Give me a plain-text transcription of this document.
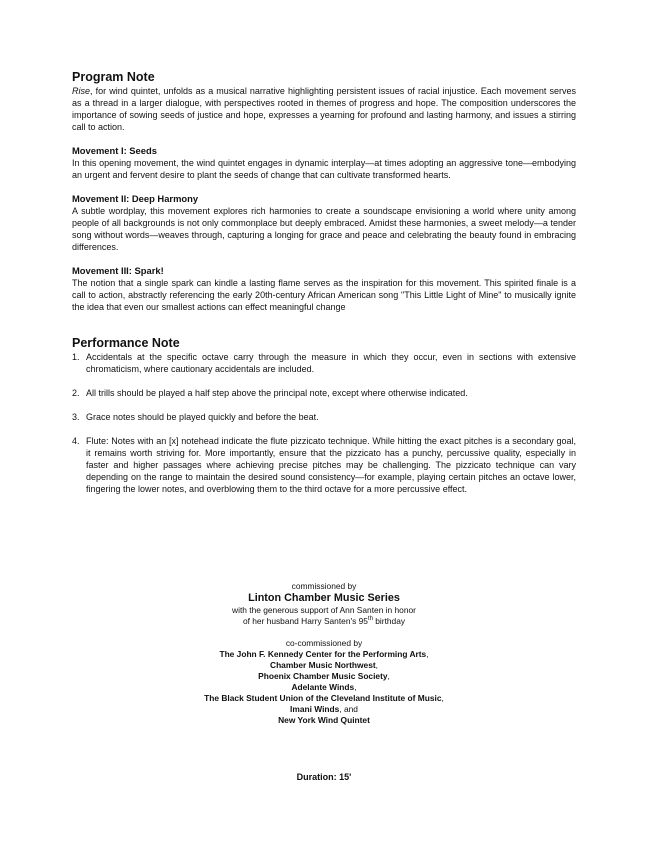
Program Note

Rise, for wind quintet, unfolds as a musical narrative highlighting persistent issues of racial injustice. Each movement serves as a thread in a larger dialogue, with perspectives rooted in themes of progress and hope. The composition underscores the importance of sowing seeds of justice and hope, expresses a yearning for profound and lasting harmony, and issues a stirring call to action.

Movement I: Seeds

In this opening movement, the wind quintet engages in dynamic interplay—at times adopting an aggressive tone—embodying an urgent and fervent desire to plant the seeds of change that can cultivate transformed hearts.

Movement II: Deep Harmony

A subtle wordplay, this movement explores rich harmonies to create a soundscape envisioning a world where unity among people of all backgrounds is not only commonplace but deeply embraced. Amidst these harmonies, a sweet melody—a tender song without words—weaves through, capturing a longing for grace and peace and celebrating the beauty found in embracing differences.

Movement III: Spark!

The notion that a single spark can kindle a lasting flame serves as the inspiration for this movement. This spirited finale is a call to action, abstractly referencing the early 20th-century African American song "This Little Light of Mine" to musically ignite the idea that even our smallest actions can effect meaningful change

Performance Note
1. Accidentals at the specific octave carry through the measure in which they occur, even in sections with extensive chromaticism, where cautionary accidentals are included.
2. All trills should be played a half step above the principal note, except where otherwise indicated.
3. Grace notes should be played quickly and before the beat.
4. Flute: Notes with an [x] notehead indicate the flute pizzicato technique. While hitting the exact pitches is a secondary goal, it remains worth striving for. More importantly, ensure that the pizzicato has a punchy, percussive quality, especially in faster and higher passages where achieving precise pitches may be challenging. The pizzicato technique can vary depending on the range to maintain the desired sound consistency—for example, playing certain pitches an octave lower, fingering the lower notes, and overblowing them to the third octave for a more percussive effect.
commissioned by
Linton Chamber Music Series
with the generous support of Ann Santen in honor
of her husband Harry Santen's 95th birthday
co-commissioned by
The John F. Kennedy Center for the Performing Arts,
Chamber Music Northwest,
Phoenix Chamber Music Society,
Adelante Winds,
The Black Student Union of the Cleveland Institute of Music,
Imani Winds, and
New York Wind Quintet
Duration: 15'
